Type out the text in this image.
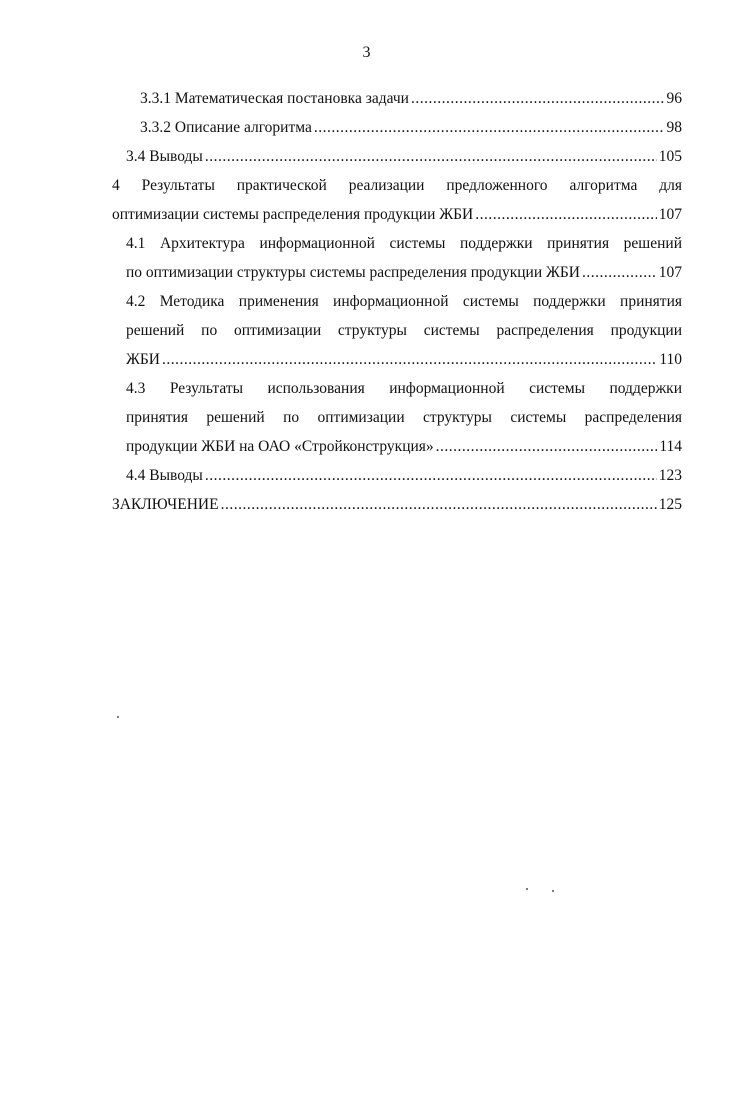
3
3.3.1 Математическая постановка задачи .....	96
3.3.2 Описание алгоритма .....	98
3.4 Выводы .....	105
4 Результаты практической реализации предложенного алгоритма для
оптимизации системы распределения продукции ЖБИ .....	107
4.1 Архитектура информационной системы поддержки принятия решений
по оптимизации структуры системы распределения продукции ЖБИ .....	107
4.2 Методика применения информационной системы поддержки принятия
решений по оптимизации структуры системы распределения продукции
ЖБИ .....	110
4.3 Результаты использования информационной системы поддержки
принятия решений по оптимизации структуры системы распределения
продукции ЖБИ на ОАО «Стройконструкция» .....	114
4.4 Выводы .....	123
ЗАКЛЮЧЕНИЕ .....	125
